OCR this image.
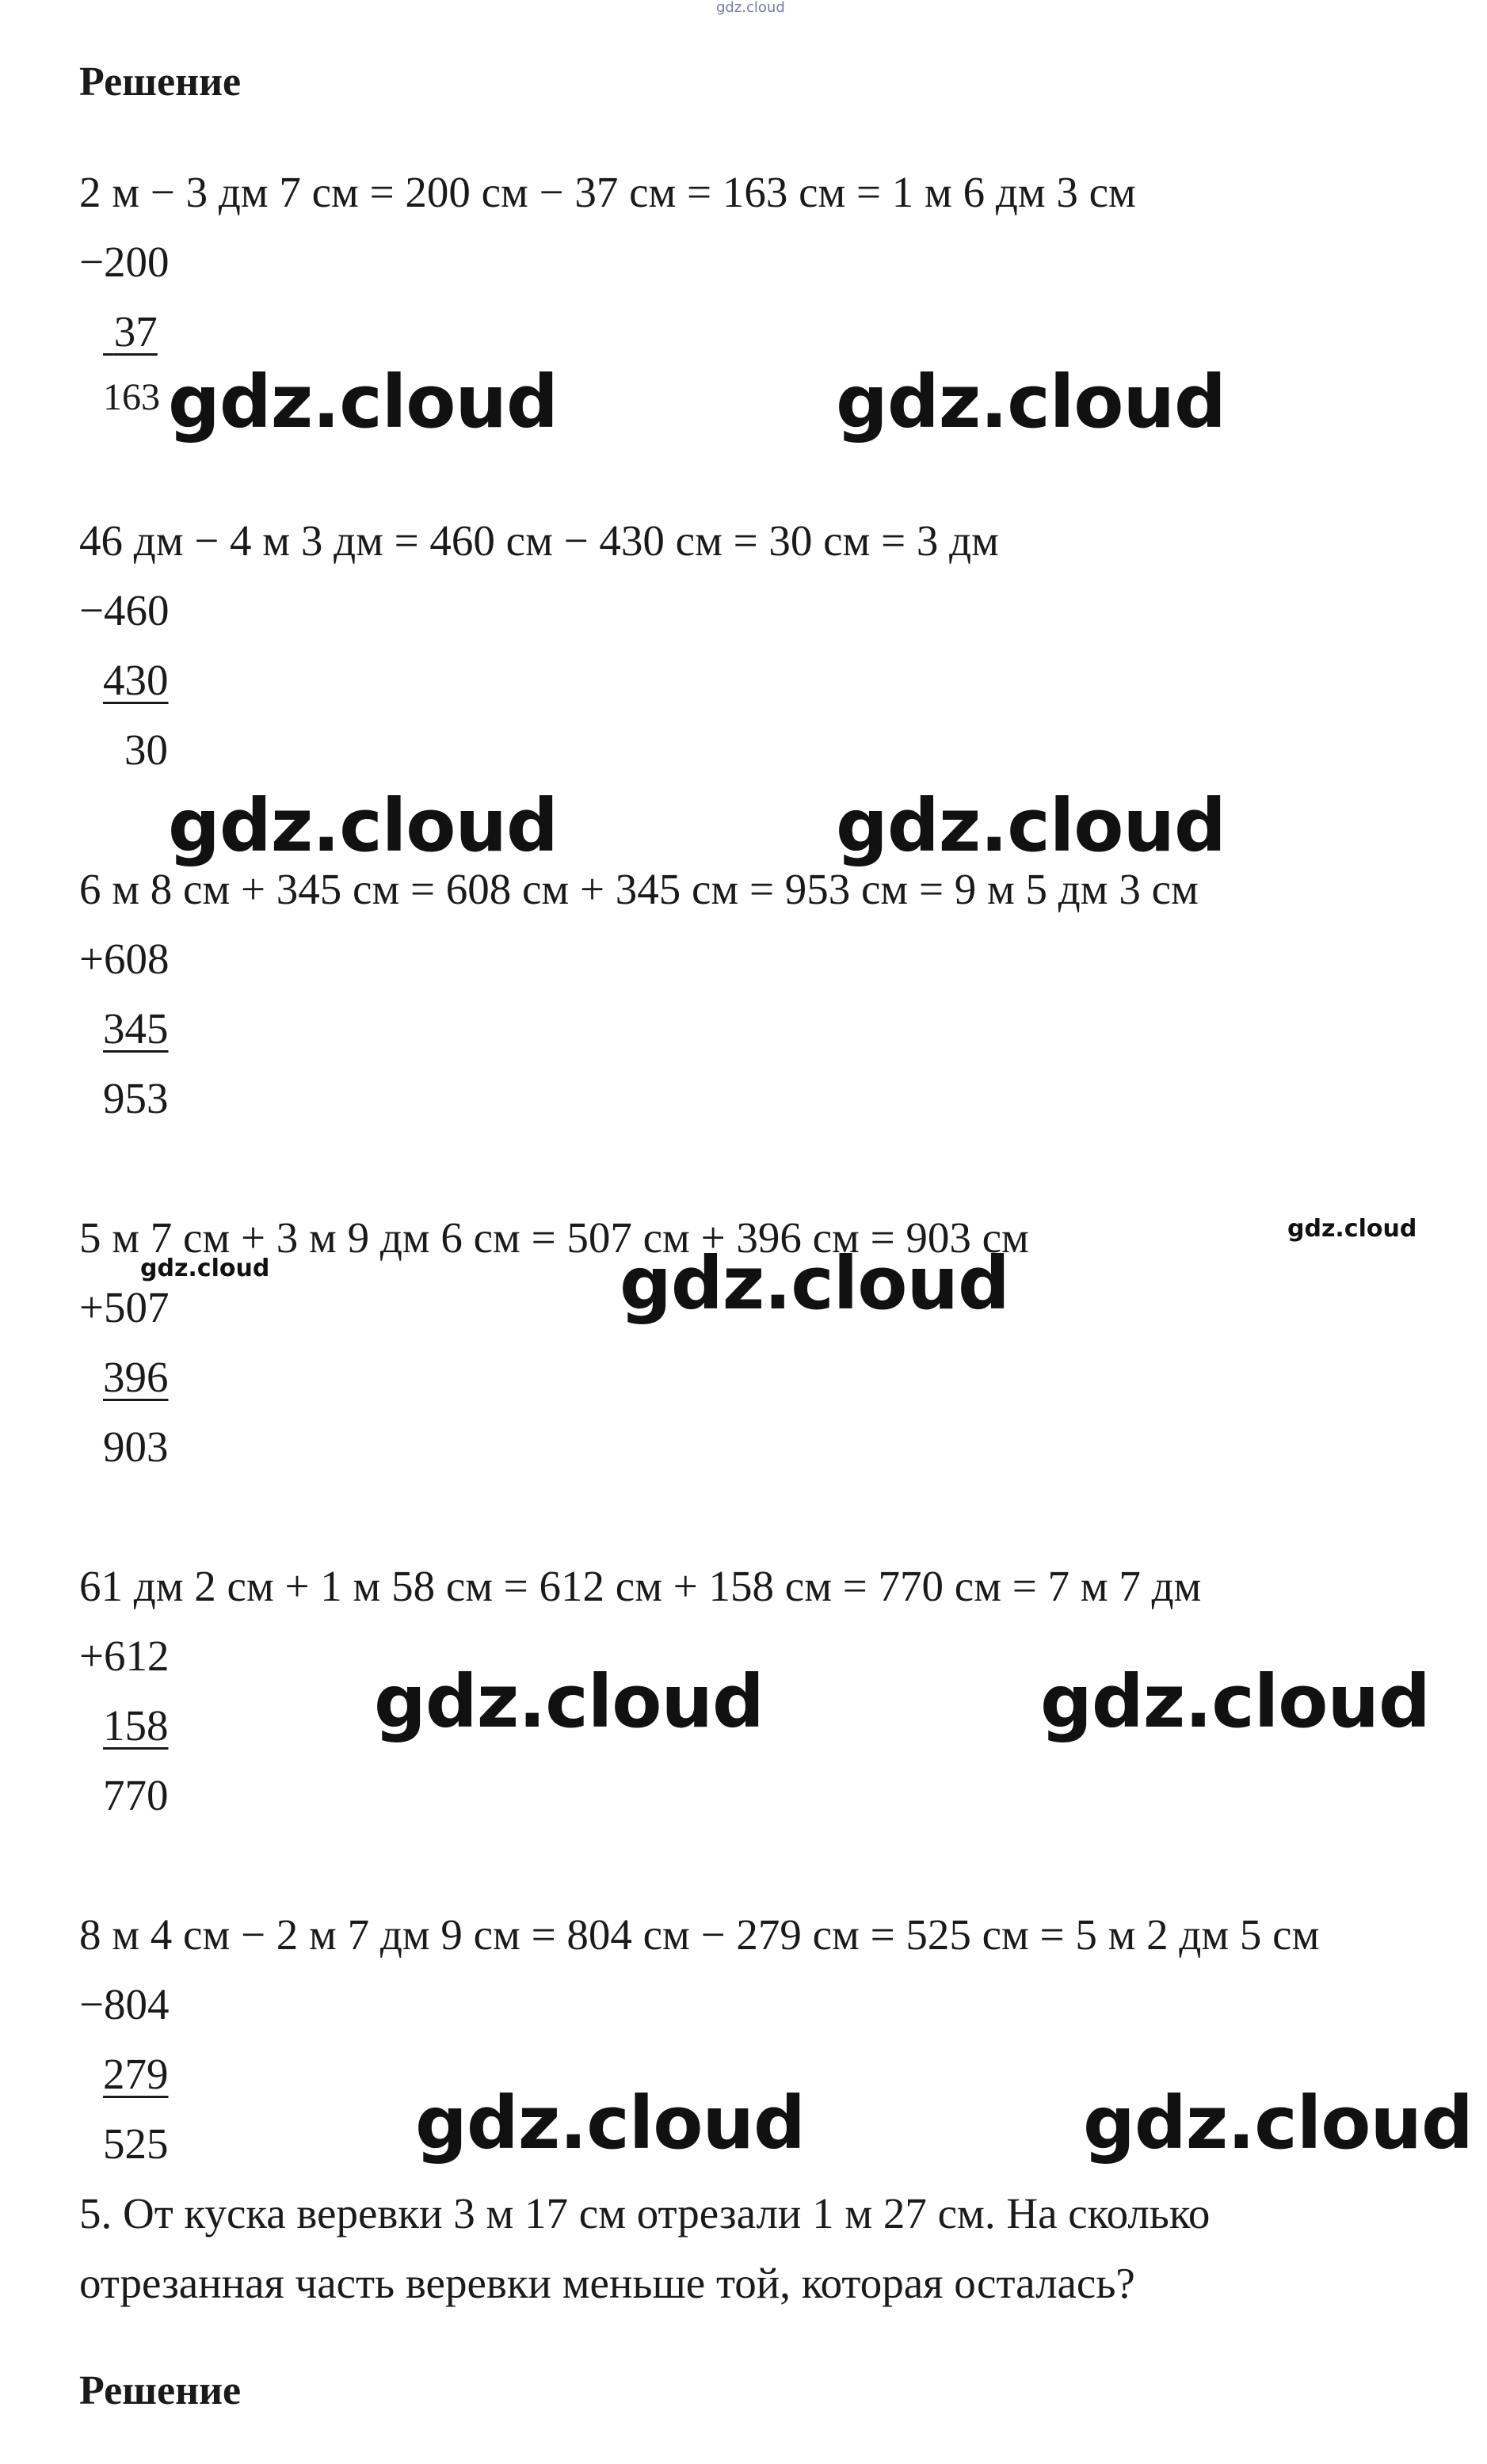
gdz.cloud
Решение
2 м − 3 дм 7 см = 200 см − 37 см = 163 см = 1 м 6 дм 3 см
−200
37
163
46 дм − 4 м 3 дм = 460 см − 430 см = 30 см = 3 дм
−460
430
30
6 м 8 см + 345 см = 608 см + 345 см = 953 см = 9 м 5 дм 3 см
+608
345
953
5 м 7 см + 3 м 9 дм 6 см = 507 см + 396 см = 903 см
+507
396
903
61 дм 2 см + 1 м 58 см = 612 см + 158 см = 770 см = 7 м 7 дм
+612
158
770
8 м 4 см − 2 м 7 дм 9 см = 804 см − 279 см = 525 см = 5 м 2 дм 5 см
−804
279
525
5. От куска веревки 3 м 17 см отрезали 1 м 27 см. На сколько
отрезанная часть веревки меньше той, которая осталась?
Решение
gdz.cloud	gdz.cloud
gdz.cloud	gdz.cloud
gdz.cloud
gdz.cloud	gdz.cloud
gdz.cloud	gdz.cloud
gdz.cloud	gdz.cloud
